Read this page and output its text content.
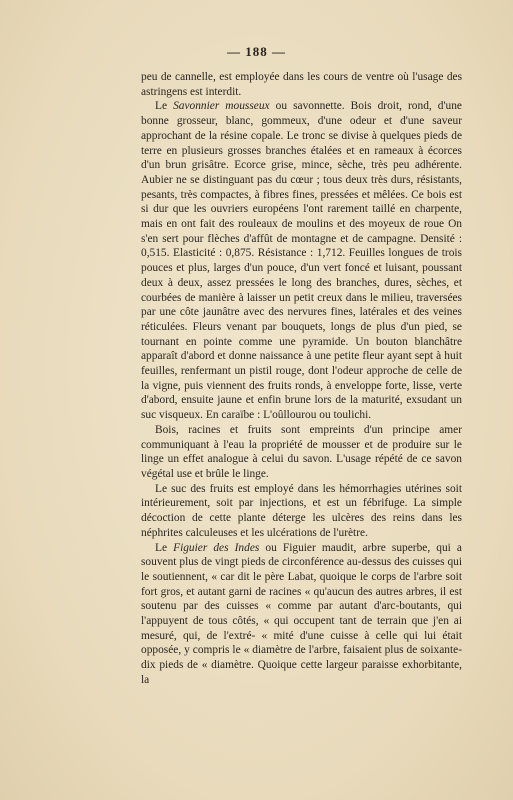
— 188 —

peu de cannelle, est employée dans les cours de ventre où l'usage des astringens est interdit.

Le Savonnier mousseux ou savonnette. Bois droit, rond, d'une bonne grosseur, blanc, gommeux, d'une odeur et d'une saveur approchant de la résine copale. Le tronc se divise à quelques pieds de terre en plusieurs grosses branches étalées et en rameaux à écorces d'un brun grisâtre. Ecorce grise, mince, sèche, très peu adhérente. Aubier ne se distinguant pas du cœur ; tous deux très durs, résistants, pesants, très compactes, à fibres fines, pressées et mêlées. Ce bois est si dur que les ouvriers européens l'ont rarement taillé en charpente, mais en ont fait des rouleaux de moulins et des moyeux de roue On s'en sert pour flèches d'affût de montagne et de campagne. Densité : 0,515. Elasticité : 0,875. Résistance : 1,712. Feuilles longues de trois pouces et plus, larges d'un pouce, d'un vert foncé et luisant, poussant deux à deux, assez pressées le long des branches, dures, sèches, et courbées de manière à laisser un petit creux dans le milieu, traversées par une côte jaunâtre avec des nervures fines, latérales et des veines réticulées. Fleurs venant par bouquets, longs de plus d'un pied, se tournant en pointe comme une pyramide. Un bouton blanchâtre apparaît d'abord et donne naissance à une petite fleur ayant sept à huit feuilles, renfermant un pistil rouge, dont l'odeur approche de celle de la vigne, puis viennent des fruits ronds, à enveloppe forte, lisse, verte d'abord, ensuite jaune et enfin brune lors de la maturité, exsudant un suc visqueux. En caraïbe : L'oûllourou ou toulichi.

Bois, racines et fruits sont empreints d'un principe amer communiquant à l'eau la propriété de mousser et de produire sur le linge un effet analogue à celui du savon. L'usage répété de ce savon végétal use et brûle le linge.

Le suc des fruits est employé dans les hémorrhagies utérines soit intérieurement, soit par injections, et est un fébrifuge. La simple décoction de cette plante déterge les ulcères des reins dans les néphrites calculeuses et les ulcérations de l'urètre.

Le Figuier des Indes ou Figuier maudit, arbre superbe, qui a souvent plus de vingt pieds de circonférence au-dessus des cuisses qui le soutiennent, « car dit le père Labat, quoique le corps de l'arbre soit fort gros, et autant garni de racines « qu'aucun des autres arbres, il est soutenu par des cuisses « comme par autant d'arc-boutants, qui l'appuyent de tous côtés, « qui occupent tant de terrain que j'en ai mesuré, qui, de l'extré- « mité d'une cuisse à celle qui lui était opposée, y compris le « diamètre de l'arbre, faisaient plus de soixante-dix pieds de « diamètre. Quoique cette largeur paraisse exhorbitante, la
